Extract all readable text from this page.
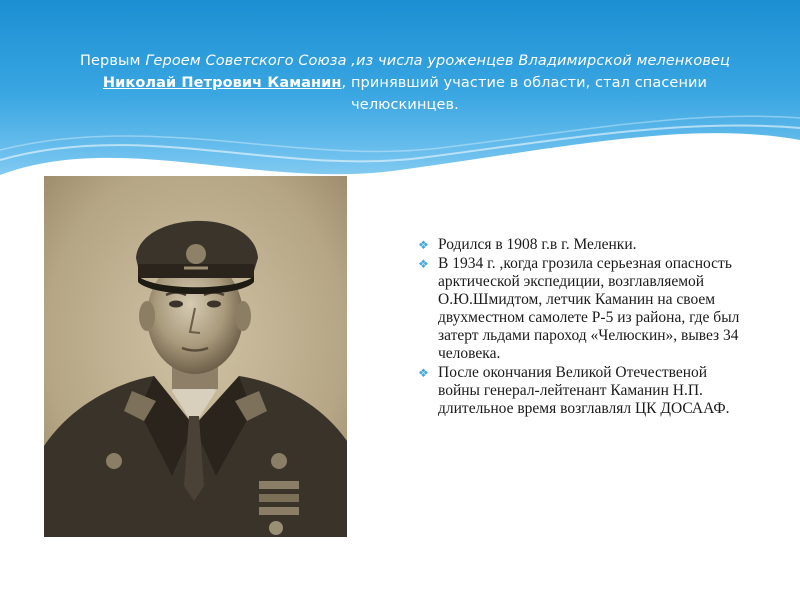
Первым Героем Советского Союза ,из числа уроженцев Владимирской меленковец Николай Петрович Каманин, принявший участие в области, стал спасении челюскинцев.
❖ Родился в 1908 г.в г. Меленки.
❖ В 1934 г. ,когда грозила серьезная опасность арктической экспедиции, возглавляемой О.Ю.Шмидтом, летчик Каманин на своем двухместном самолете Р-5 из района, где был затерт льдами пароход «Челюскин», вывез 34 человека.
❖ После окончания Великой Отечественой войны генерал-лейтенант Каманин Н.П. длительное время возглавлял ЦК ДОСААФ.
